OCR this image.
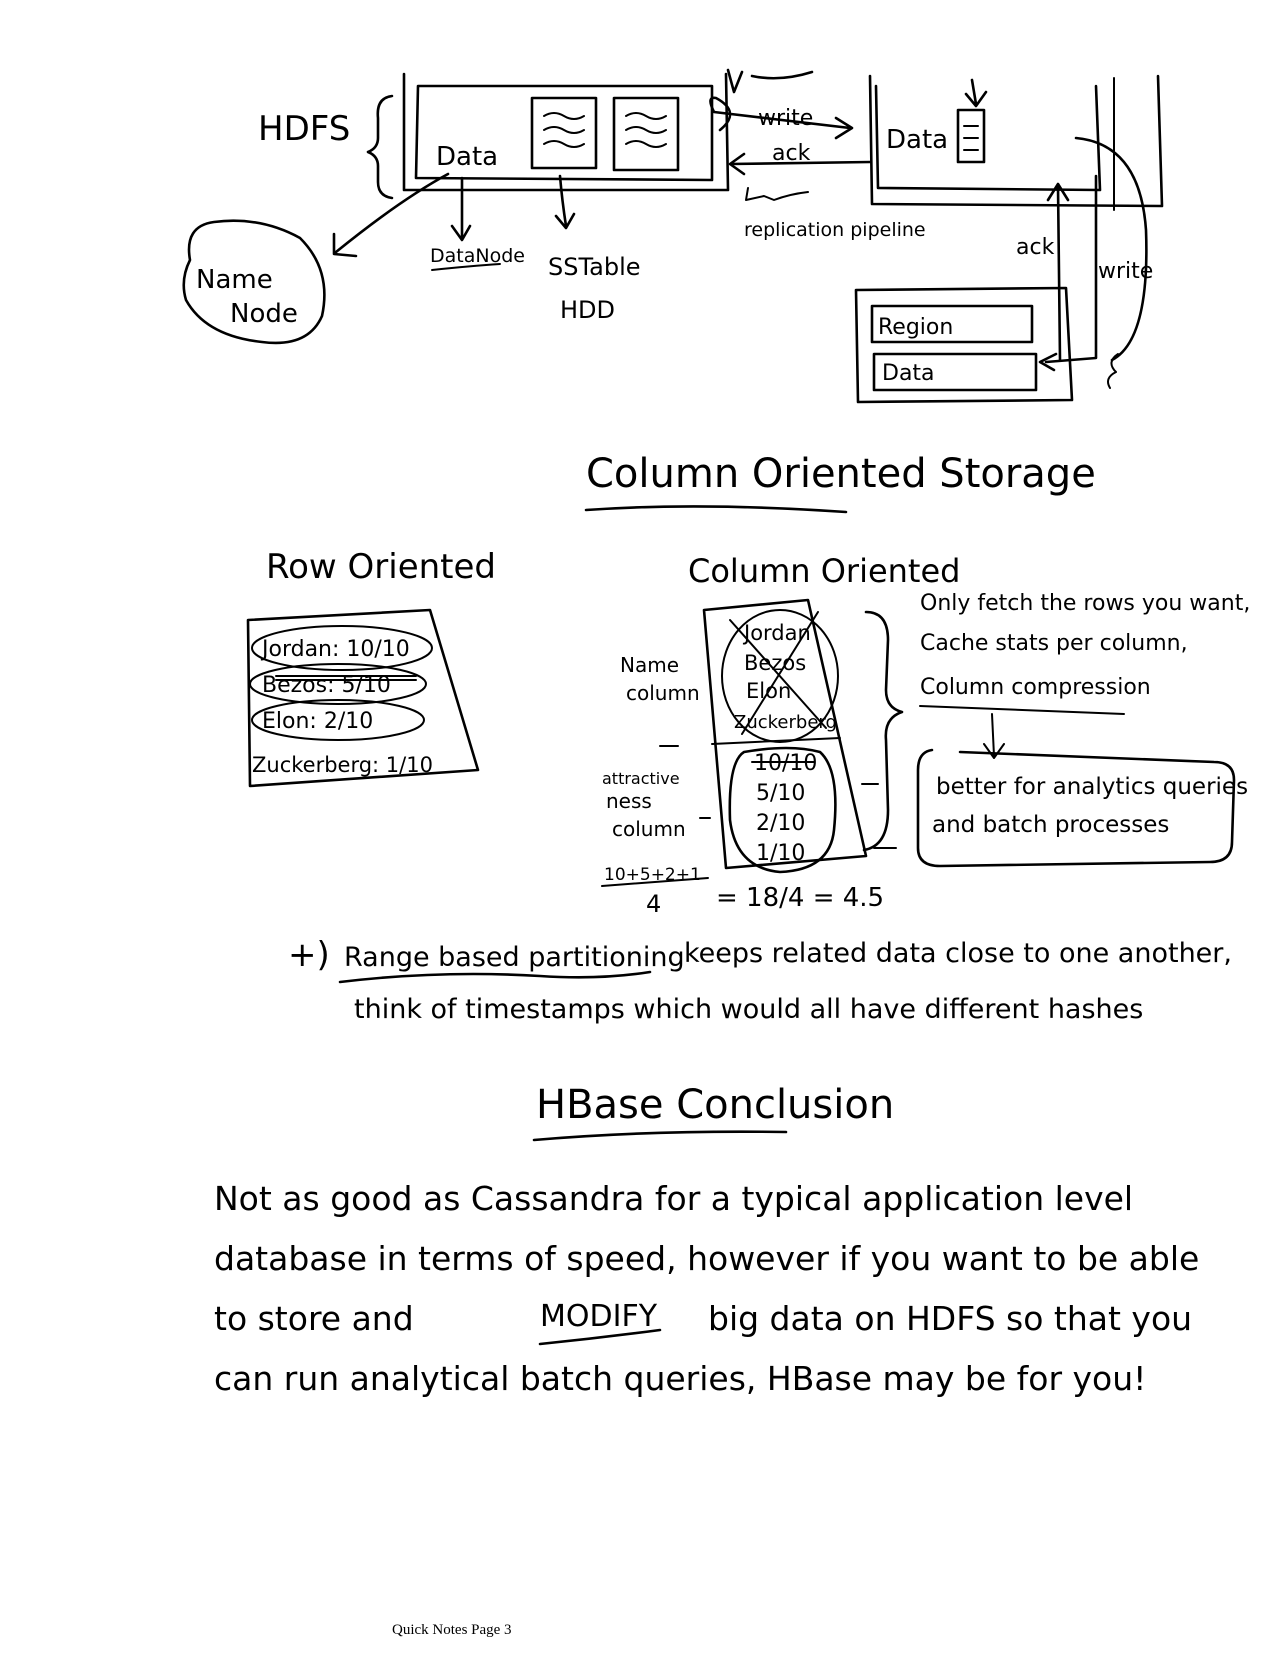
HDFS
Data
write
ack
replication pipeline
Data
Name
Node
DataNode SSTable
HDD
ack
write
Region
Data
Column Oriented Storage
Row Oriented
Jordan: 10/10
Bezos: 5/10
Elon: 2/10
Zuckerberg: 1/10
Column Oriented
Name
column
Jordan
Bezos
Elon
Zuckerberg
attractive
ness
column
10/10
5/10
2/10
1/10
10+5+2+1
4 = 18/4 = 4.5
Only fetch the rows you want,
Cache stats per column,
Column compression
better for analytics queries
and batch processes
+) Range based partitioning keeps related data close to one another,
think of timestamps which would all have different hashes
HBase Conclusion
Not as good as Cassandra for a typical application level
database in terms of speed, however if you want to be able
to store and	MODIFY big data on HDFS so that you
can run analytical batch queries, HBase may be for you!
Quick Notes Page 3
